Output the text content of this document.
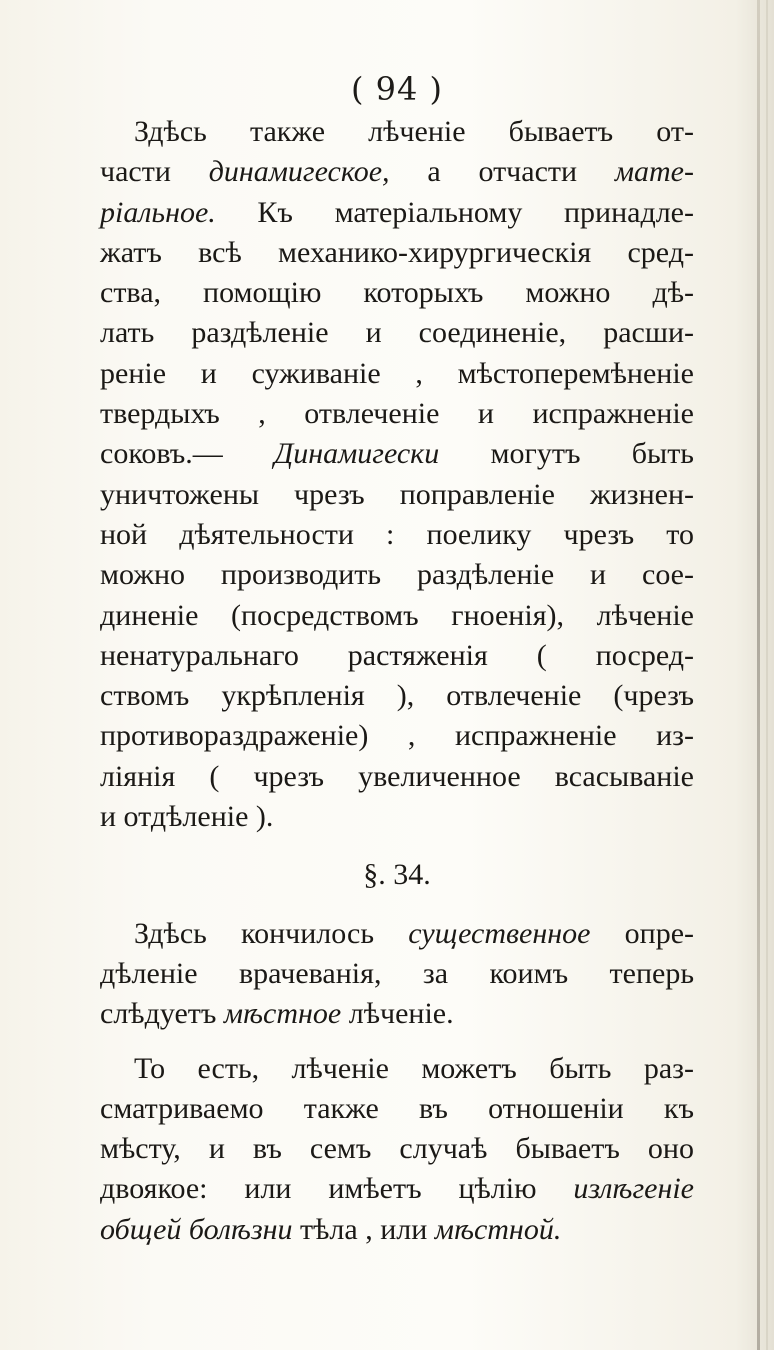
( 94 )
Здѣсь также лѣченіе бываетъ от-
части динамигеское, а отчасти мате-
ріальное. Къ матеріальному принадле-
жатъ всѣ механико-хирургическія сред-
ства, помощію которыхъ можно дѣ-
лать раздѣленіе и соединеніе, расши-
реніе и суживаніе , мѣстоперемѣненіе
твердыхъ , отвлеченіе и испражненіе
соковъ.— Динамигески могутъ быть
уничтожены чрезъ поправленіе жизнен-
ной дѣятельности : поелику чрезъ то
можно производить раздѣленіе и сое-
диненіе (посредствомъ гноенія), лѣченіе
ненатуральнаго растяженія ( посред-
ствомъ укрѣпленія ), отвлеченіе (чрезъ
противораздраженіе) , испражненіе из-
ліянія ( чрезъ увеличенное всасываніе
и отдѣленіе ).
§. 34.
Здѣсь кончилось существенное опре-
дѣленіе врачеванія, за коимъ теперь
слѣдуетъ мѣстное лѣченіе.
То есть, лѣченіе можетъ быть раз-
сматриваемо также въ отношеніи къ
мѣсту, и въ семъ случаѣ бываетъ оно
двоякое: или имѣетъ цѣлію излѣгеніе
общей болѣзни тѣла , или мѣстной.
